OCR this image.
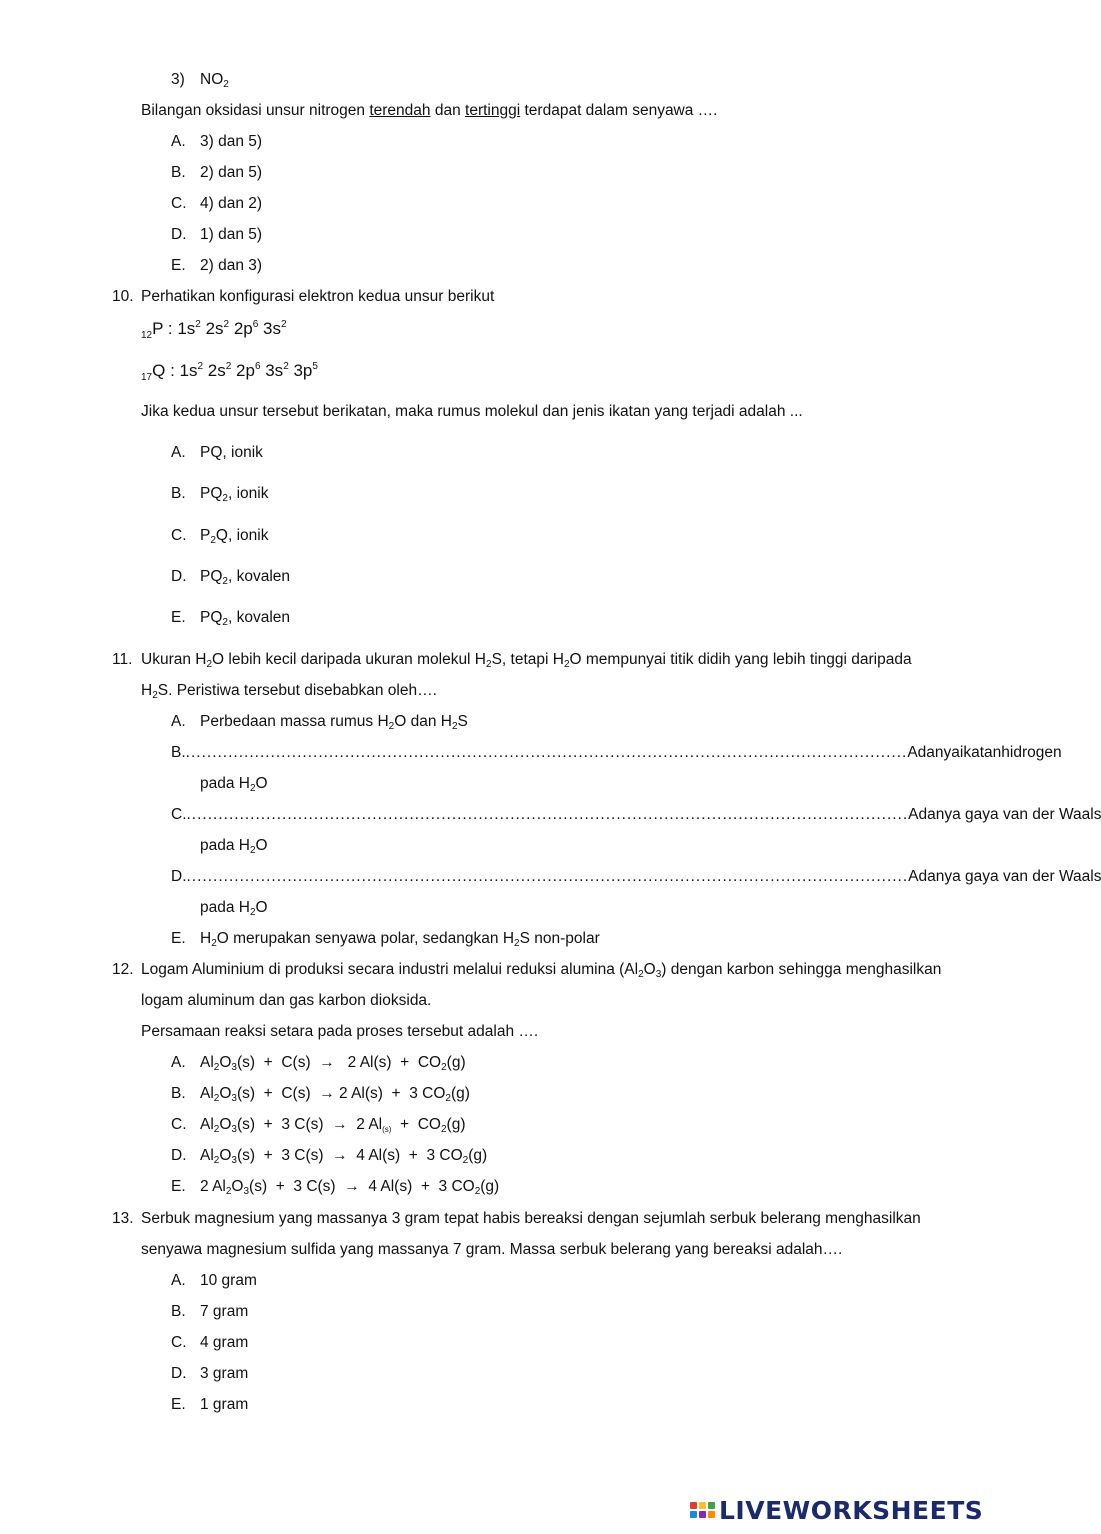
3) $NO_2$
Bilangan oksidasi unsur nitrogen terendah dan tertinggi terdapat dalam senyawa ….
A. 3) dan 5)
B. 2) dan 5)
C. 4) dan 2)
D. 1) dan 5)
E. 2) dan 3)
10. Perhatikan konfigurasi elektron kedua unsur berikut
$_{12}$P : $1s^2$ $2s^2$ $2p^6$ $3s^2$
$_{17}$Q : $1s^2$ $2s^2$ $2p^6$ $3s^2$ $3p^5$
Jika kedua unsur tersebut berikatan, maka rumus molekul dan jenis ikatan yang terjadi adalah ...
A. PQ, ionik
B. $PQ_2$, ionik
C. $P_2Q$, ionik
D. $PQ_2$, kovalen
E. $PQ_2$, kovalen
11. Ukuran $H_2O$ lebih kecil daripada ukuran molekul $H_2S$, tetapi $H_2O$ mempunyai titik didih yang lebih tinggi daripada
$H_2S$. Peristiwa tersebut disebabkan oleh….
A. Perbedaan massa rumus $H_2O$ dan $H_2S$
B. ........................................................................................................................................ Adanya ikatan hidrogen
pada $H_2O$
C. ........................................................................................................................................ Adanya gaya van der Waals
pada $H_2O$
D. ........................................................................................................................................ Adanya gaya van der Waals
pada $H_2O$
E. $H_2O$ merupakan senyawa polar, sedangkan $H_2S$ non-polar
12. Logam Aluminium di produksi secara industri melalui reduksi alumina $(Al_2O_3)$ dengan karbon sehingga menghasilkan
logam aluminum dan gas karbon dioksida.
Persamaan reaksi setara pada proses tersebut adalah ….
A. $Al_2O_3(s) + C(s) \to 2$ $Al(s) + CO_2(g)$
B. $Al_2O_3(s) + C(s) \to 2$ Al(s)  +  3 $CO_2(g)$
C. $Al_2O_3(s) + 3$ C(s)  →  2 $Al_{(s)} + CO_2(g)$
D. $Al_2O_3(s) + 3$ C(s)  →  4 Al(s)  +  3 $CO_2(g)$
E. 2 $Al_2O_3(s) + 3$ C(s)  →  4 Al(s)  +  3 $CO_2(g)$
13. Serbuk magnesium yang massanya 3 gram tepat habis bereaksi dengan sejumlah serbuk belerang menghasilkan
senyawa magnesium sulfida yang massanya 7 gram. Massa serbuk belerang yang bereaksi adalah….
A. 10 gram
B. 7 gram
C. 4 gram
D. 3 gram
E. 1 gram
LIVEWORKSHEETS
